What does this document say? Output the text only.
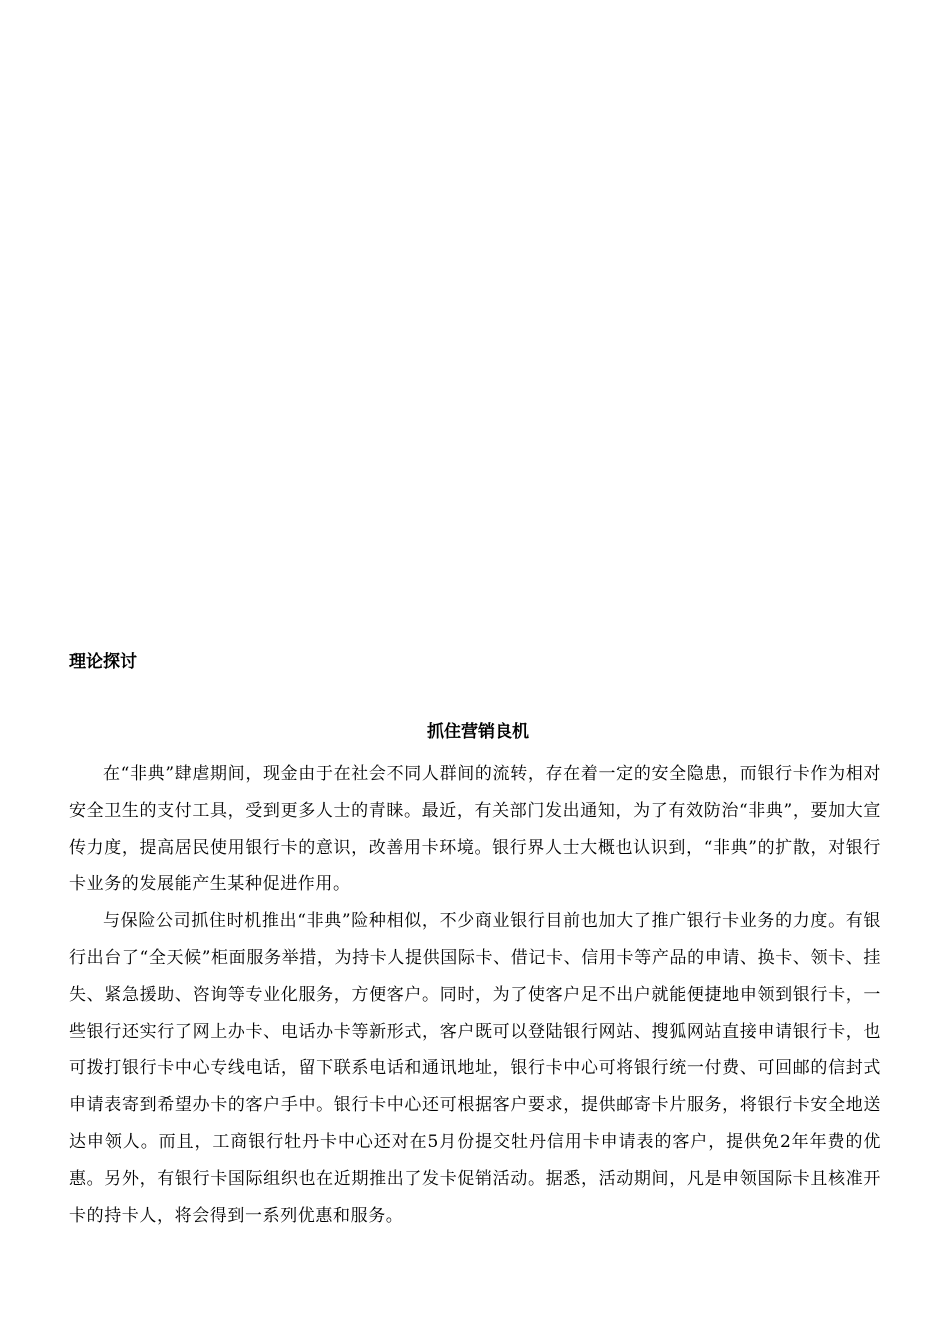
理论探讨
抓住营销良机

在“非典”肆虐期间，现金由于在社会不同人群间的流转，存在着一定的安全隐患，而银行卡作为相对安全卫生的支付工具，受到更多人士的青睐。最近，有关部门发出通知，为了有效防治“非典”，要加大宣传力度，提高居民使用银行卡的意识，改善用卡环境。银行界人士大概也认识到，“非典”的扩散，对银行卡业务的发展能产生某种促进作用。

与保险公司抓住时机推出“非典”险种相似，不少商业银行目前也加大了推广银行卡业务的力度。有银行出台了“全天候”柜面服务举措，为持卡人提供国际卡、借记卡、信用卡等产品的申请、换卡、领卡、挂失、紧急援助、咨询等专业化服务，方便客户。同时，为了使客户足不出户就能便捷地申领到银行卡，一些银行还实行了网上办卡、电话办卡等新形式，客户既可以登陆银行网站、搜狐网站直接申请银行卡，也可拨打银行卡中心专线电话，留下联系电话和通讯地址，银行卡中心可将银行统一付费、可回邮的信封式申请表寄到希望办卡的客户手中。银行卡中心还可根据客户要求，提供邮寄卡片服务，将银行卡安全地送达申领人。而且，工商银行牡丹卡中心还对在5月份提交牡丹信用卡申请表的客户，提供免2年年费的优惠。另外，有银行卡国际组织也在近期推出了发卡促销活动。据悉，活动期间，凡是申领国际卡且核准开卡的持卡人，将会得到一系列优惠和服务。
